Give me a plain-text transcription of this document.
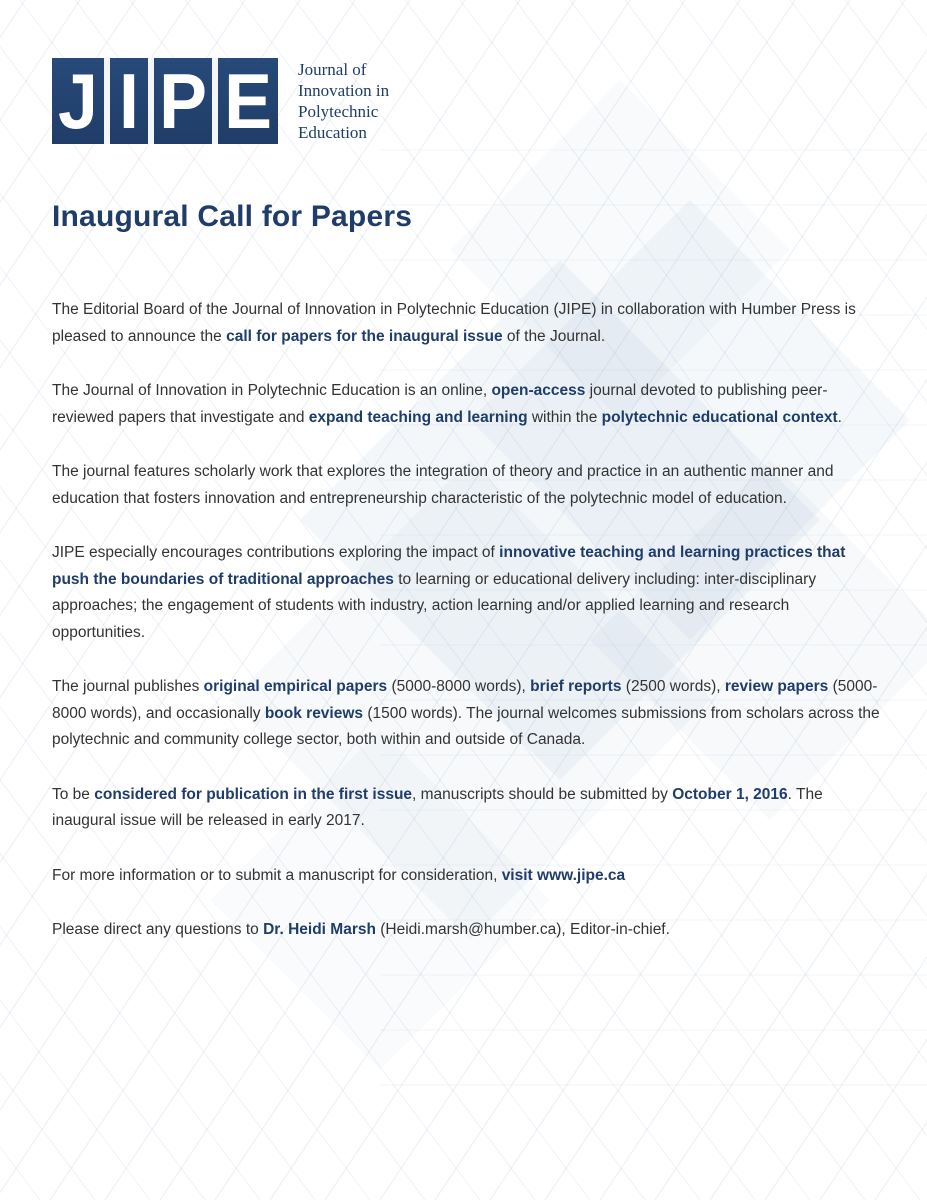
J I P E Journal of
Innovation in
Polytechnic
Education
Inaugural Call for Papers

The Editorial Board of the Journal of Innovation in Polytechnic Education (JIPE) in collaboration with Humber Press is pleased to announce the call for papers for the inaugural issue of the Journal.

The Journal of Innovation in Polytechnic Education is an online, open-access journal devoted to publishing peer-reviewed papers that investigate and expand teaching and learning within the polytechnic educational context.

The journal features scholarly work that explores the integration of theory and practice in an authentic manner and education that fosters innovation and entrepreneurship characteristic of the polytechnic model of education.

JIPE especially encourages contributions exploring the impact of innovative teaching and learning practices that push the boundaries of traditional approaches to learning or educational delivery including: inter-disciplinary approaches; the engagement of students with industry, action learning and/or applied learning and research opportunities.

The journal publishes original empirical papers (5000-8000 words), brief reports (2500 words), review papers (5000-8000 words), and occasionally book reviews (1500 words). The journal welcomes submissions from scholars across the polytechnic and community college sector, both within and outside of Canada.

To be considered for publication in the first issue, manuscripts should be submitted by October 1, 2016. The inaugural issue will be released in early 2017.

For more information or to submit a manuscript for consideration, visit www.jipe.ca

Please direct any questions to Dr. Heidi Marsh (Heidi.marsh@humber.ca), Editor-in-chief.
